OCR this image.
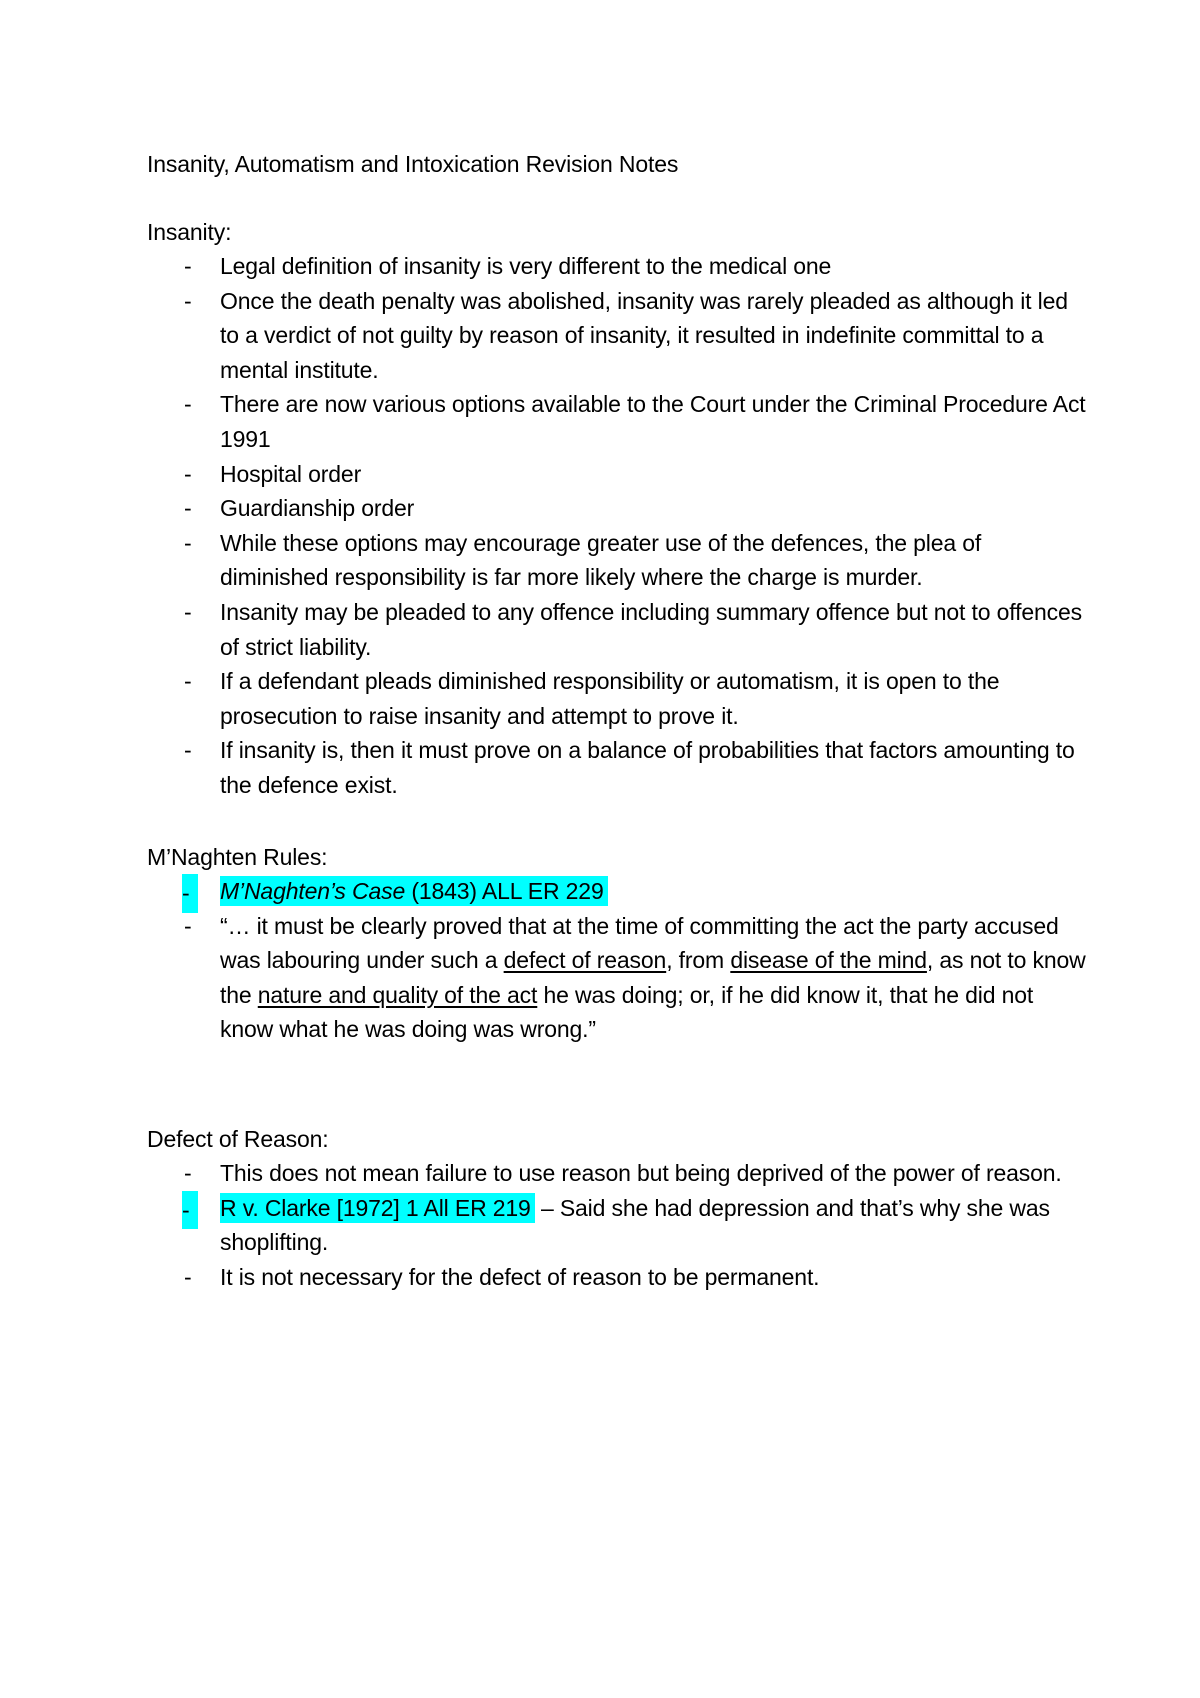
Insanity, Automatism and Intoxication Revision Notes
Insanity:
- Legal definition of insanity is very different to the medical one
- Once the death penalty was abolished, insanity was rarely pleaded as although it led to a verdict of not guilty by reason of insanity, it resulted in indefinite committal to a mental institute.
- There are now various options available to the Court under the Criminal Procedure Act 1991
- Hospital order
- Guardianship order
- While these options may encourage greater use of the defences, the plea of diminished responsibility is far more likely where the charge is murder.
- Insanity may be pleaded to any offence including summary offence but not to offences of strict liability.
- If a defendant pleads diminished responsibility or automatism, it is open to the prosecution to raise insanity and attempt to prove it.
- If insanity is, then it must prove on a balance of probabilities that factors amounting to the defence exist.
M’Naghten Rules:
-	M’Naghten’s Case (1843) ALL ER 229
- “… it must be clearly proved that at the time of committing the act the party accused was labouring under such a defect of reason, from disease of the mind, as not to know the nature and quality of the act he was doing; or, if he did know it, that he did not know what he was doing was wrong.”
Defect of Reason:
- This does not mean failure to use reason but being deprived of the power of reason.
-	R v. Clarke [1972] 1 All ER 219 – Said she had depression and that’s why she was shoplifting.
- It is not necessary for the defect of reason to be permanent.
